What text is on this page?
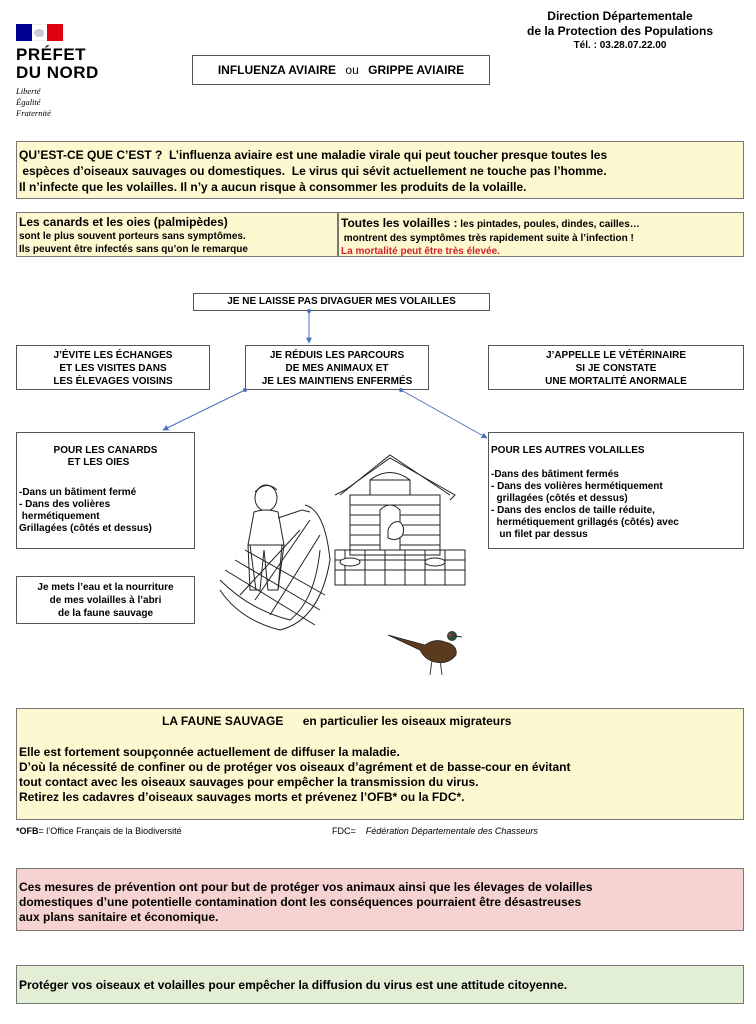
PRÉFET
DU NORD
Liberté
Égalité
Fraternité
Direction Départementale
de la Protection des Populations
Tél. : 03.28.07.22.00
INFLUENZA AVIAIRE ou GRIPPE AVIAIRE

QU’EST-CE QUE C’EST ?  L’influenza aviaire est une maladie virale qui peut toucher presque toutes les

espèces d’oiseaux sauvages ou domestiques.  Le virus qui sévit actuellement ne touche pas l’homme.

Il n’infecte que les volailles. Il n’y a aucun risque à consommer les produits de la volaille.

Les canards et les oies (palmipèdes)

sont le plus souvent porteurs sans symptômes.

Ils peuvent être infectés sans qu’on le remarque

Toutes les volailles : les pintades, poules, dindes, cailles…

montrent des symptômes très rapidement suite à l’infection !

La mortalité peut être très élevée.

JE NE LAISSE PAS DIVAGUER MES VOLAILLES

J’ÉVITE LES ÉCHANGES

ET LES VISITES DANS

LES ÉLEVAGES VOISINS

JE RÉDUIS LES PARCOURS

DE MES ANIMAUX ET

JE LES MAINTIENS ENFERMÉS

J’APPELLE LE VÉTÉRINAIRE

SI JE CONSTATE

UNE MORTALITÉ ANORMALE

POUR LES CANARDS

ET LES OIES

-Dans un bâtiment fermé

- Dans des volières

hermétiquement

Grillagées (côtés et dessus)

POUR LES AUTRES VOLAILLES

-Dans des bâtiment fermés

- Dans des volières hermétiquement

grillagées (côtés et dessus)

- Dans des enclos de taille réduite,

hermétiquement grillagés (côtés) avec

un filet par dessus

Je mets l’eau et la nourriture

de mes volailles à l’abri

de la faune sauvage

LA FAUNE SAUVAGE en particulier les oiseaux migrateurs

Elle est fortement soupçonnée actuellement de diffuser la maladie.

D’où la nécessité de confiner ou de protéger vos oiseaux d’agrément et de basse-cour en évitant

tout contact avec les oiseaux sauvages pour empêcher la transmission du virus.

Retirez les cadavres d’oiseaux sauvages morts et prévenez l’OFB* ou la FDC*.

*OFB= l’Office Français de la Biodiversité	FDC= Fédération Départementale des Chasseurs

Ces mesures de prévention ont pour but de protéger vos animaux ainsi que les élevages de volailles

domestiques d’une potentielle contamination dont les conséquences pourraient être désastreuses

aux plans sanitaire et économique.

Protéger vos oiseaux et volailles pour empêcher la diffusion du virus est une attitude citoyenne.
